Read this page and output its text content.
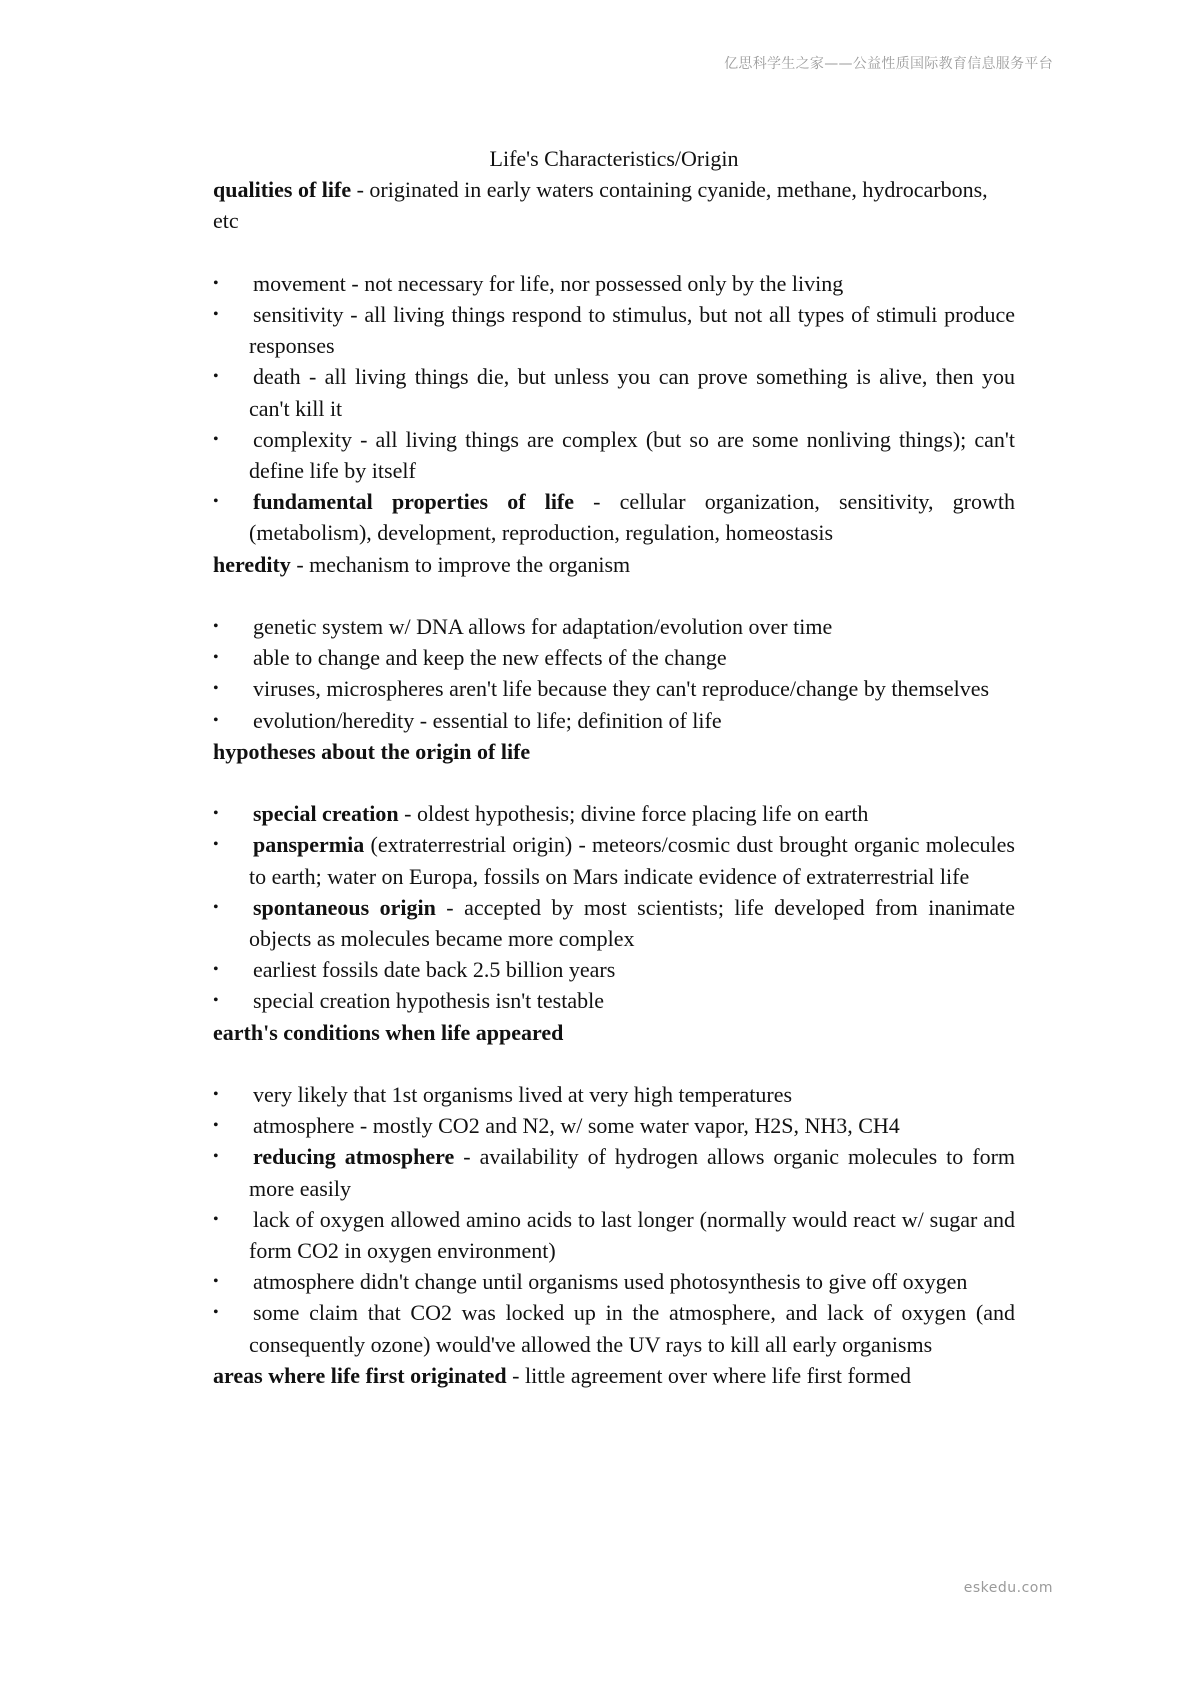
亿思科学生之家——公益性质国际教育信息服务平台
Life's Characteristics/Origin

qualities of life - originated in early waters containing cyanide, methane, hydrocarbons, etc

• movement - not necessary for life, nor possessed only by the living
• sensitivity - all living things respond to stimulus, but not all types of stimuli produce responses
• death - all living things die, but unless you can prove something is alive, then you can't kill it
• complexity - all living things are complex (but so are some nonliving things); can't define life by itself
• fundamental properties of life - cellular organization, sensitivity, growth (metabolism), development, reproduction, regulation, homeostasis

heredity - mechanism to improve the organism

• genetic system w/ DNA allows for adaptation/evolution over time
• able to change and keep the new effects of the change
• viruses, microspheres aren't life because they can't reproduce/change by themselves
• evolution/heredity - essential to life; definition of life

hypotheses about the origin of life

• special creation - oldest hypothesis; divine force placing life on earth
• panspermia (extraterrestrial origin) - meteors/cosmic dust brought organic molecules to earth; water on Europa, fossils on Mars indicate evidence of extraterrestrial life
• spontaneous origin - accepted by most scientists; life developed from inanimate objects as molecules became more complex
• earliest fossils date back 2.5 billion years
• special creation hypothesis isn't testable

earth's conditions when life appeared

• very likely that 1st organisms lived at very high temperatures
• atmosphere - mostly CO2 and N2, w/ some water vapor, H2S, NH3, CH4
• reducing atmosphere - availability of hydrogen allows organic molecules to form more easily
• lack of oxygen allowed amino acids to last longer (normally would react w/ sugar and form CO2 in oxygen environment)
• atmosphere didn't change until organisms used photosynthesis to give off oxygen
• some claim that CO2 was locked up in the atmosphere, and lack of oxygen (and consequently ozone) would've allowed the UV rays to kill all early organisms

areas where life first originated - little agreement over where life first formed

eskedu.com
